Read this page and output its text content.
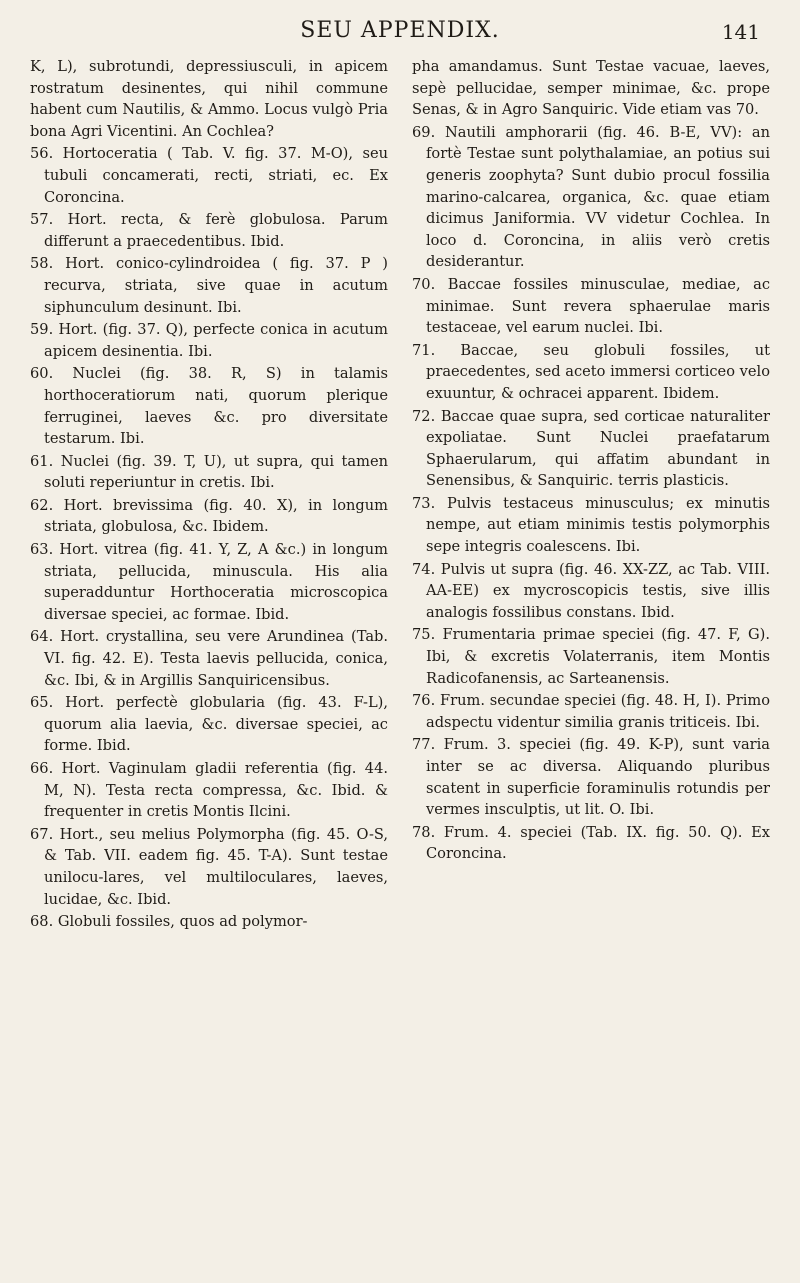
SEU APPENDIX.	141

K, L), subrotundi, depressiusculi, in apicem rostratum desinentes, qui nihil commune habent cum Nautilis, & Ammo. Locus vulgò Pria bona Agri Vicentini. An Cochlea?

56. Hortoceratia ( Tab. V. fig. 37. M-O), seu tubuli concamerati, recti, striati, ec. Ex Coroncina.

57. Hort. recta, & ferè globulosa. Parum differunt a praecedentibus. Ibid.

58. Hort. conico-cylindroidea ( fig. 37. P ) recurva, striata, sive quae in acutum siphunculum desinunt. Ibi.

59. Hort. (fig. 37. Q), perfecte conica in acutum apicem desinentia. Ibi.

60. Nuclei (fig. 38. R, S) in talamis horthoceratiorum nati, quorum plerique ferruginei, laeves &c. pro diversitate testarum. Ibi.

61. Nuclei (fig. 39. T, U), ut supra, qui tamen soluti reperiuntur in cretis. Ibi.

62. Hort. brevissima (fig. 40. X), in longum striata, globulosa, &c. Ibidem.

63. Hort. vitrea (fig. 41. Y, Z, A &c.) in longum striata, pellucida, minuscula. His alia superadduntur Horthoceratia microscopica diversae speciei, ac formae. Ibid.

64. Hort. crystallina, seu vere Arundinea (Tab. VI. fig. 42. E). Testa laevis pellucida, conica, &c. Ibi, & in Argillis Sanquiricensibus.

65. Hort. perfectè globularia (fig. 43. F-L), quorum alia laevia, &c. diversae speciei, ac forme. Ibid.

66. Hort. Vaginulam gladii referentia (fig. 44. M, N). Testa recta compressa, &c. Ibid. & frequenter in cretis Montis Ilcini.

67. Hort., seu melius Polymorpha (fig. 45. O-S, & Tab. VII. eadem fig. 45. T-A). Sunt testae unilocu-lares, vel multiloculares, laeves, lucidae, &c. Ibid.

68. Globuli fossiles, quos ad polymor-

pha amandamus. Sunt Testae vacuae, laeves, sepè pellucidae, semper minimae, &c. prope Senas, & in Agro Sanquiric. Vide etiam vas 70.

69. Nautili amphorarii (fig. 46. B-E, VV): an fortè Testae sunt polythalamiae, an potius sui generis zoophyta? Sunt dubio procul fossilia marino-calcarea, organica, &c. quae etiam dicimus Janiformia. VV videtur Cochlea. In loco d. Coroncina, in aliis verò cretis desiderantur.

70. Baccae fossiles minusculae, mediae, ac minimae. Sunt revera sphaerulae maris testaceae, vel earum nuclei. Ibi.

71. Baccae, seu globuli fossiles, ut praecedentes, sed aceto immersi corticeo velo exuuntur, & ochracei apparent. Ibidem.

72. Baccae quae supra, sed corticae naturaliter expoliatae. Sunt Nuclei praefatarum Sphaerularum, qui affatim abundant in Senensibus, & Sanquiric. terris plasticis.

73. Pulvis testaceus minusculus; ex minutis nempe, aut etiam minimis testis polymorphis sepe integris coalescens. Ibi.

74. Pulvis ut supra (fig. 46. XX-ZZ, ac Tab. VIII. AA-EE) ex mycroscopicis testis, sive illis analogis fossilibus constans. Ibid.

75. Frumentaria primae speciei (fig. 47. F, G). Ibi, & excretis Volaterranis, item Montis Radicofanensis, ac Sarteanensis.

76. Frum. secundae speciei (fig. 48. H, I). Primo adspectu videntur similia granis triticeis. Ibi.

77. Frum. 3. speciei (fig. 49. K-P), sunt varia inter se ac diversa. Aliquando pluribus scatent in superficie foraminulis rotundis per vermes insculptis, ut lit. O. Ibi.

78. Frum. 4. speciei (Tab. IX. fig. 50. Q). Ex Coroncina.
